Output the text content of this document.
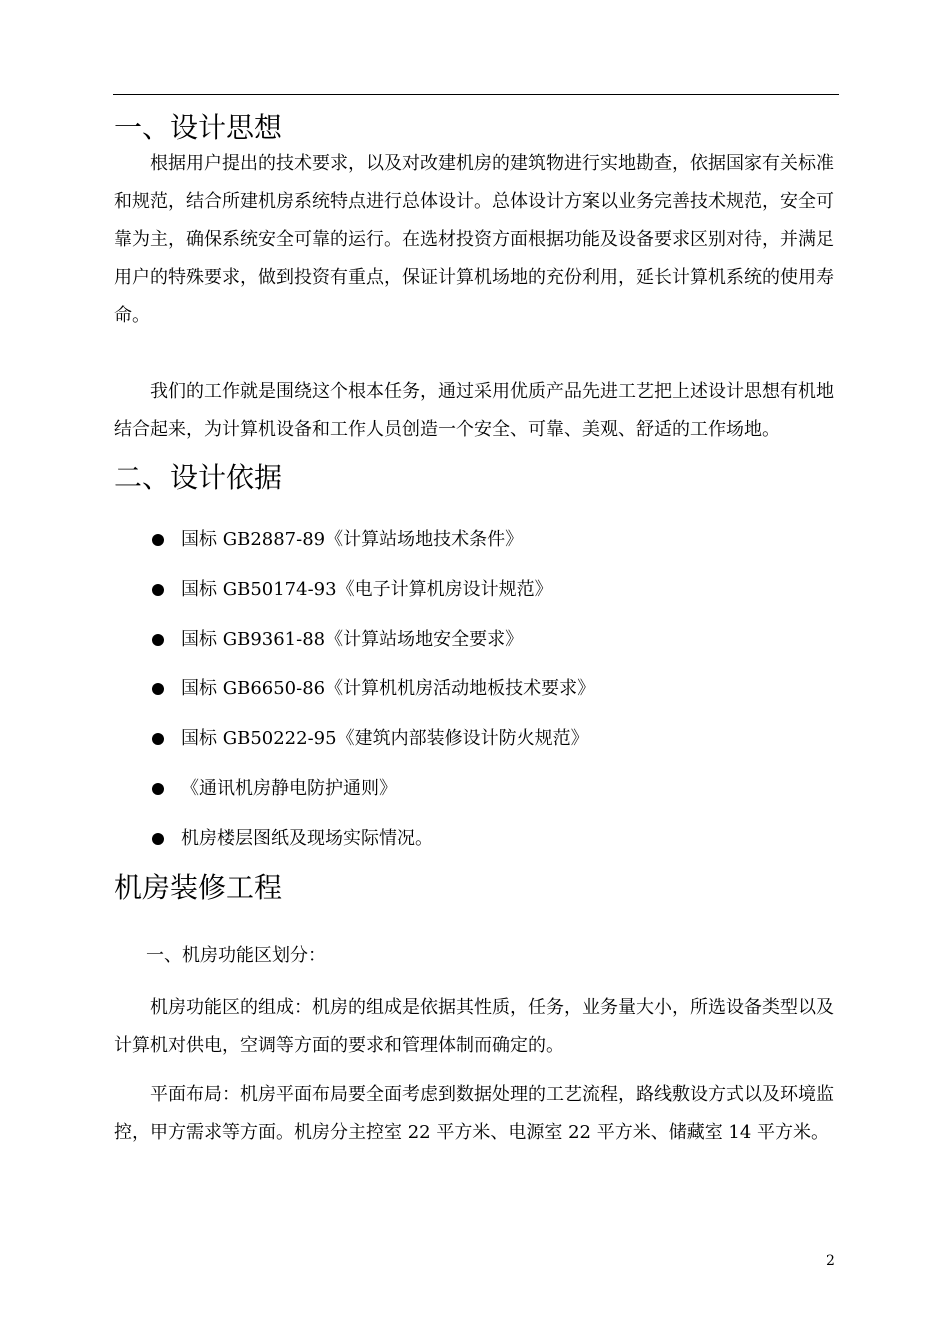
一、设计思想

根据用户提出的技术要求，以及对改建机房的建筑物进行实地勘查，依据国家有关标准和规范，结合所建机房系统特点进行总体设计。总体设计方案以业务完善技术规范，安全可靠为主，确保系统安全可靠的运行。在选材投资方面根据功能及设备要求区别对待，并满足用户的特殊要求，做到投资有重点，保证计算机场地的充份利用，延长计算机系统的使用寿命。

我们的工作就是围绕这个根本任务，通过采用优质产品先进工艺把上述设计思想有机地结合起来，为计算机设备和工作人员创造一个安全、可靠、美观、舒适的工作场地。

二、设计依据
国标 GB2887-89《计算站场地技术条件》
国标 GB50174-93《电子计算机房设计规范》
国标 GB9361-88《计算站场地安全要求》
国标 GB6650-86《计算机机房活动地板技术要求》
国标 GB50222-95《建筑内部装修设计防火规范》
《通讯机房静电防护通则》
机房楼层图纸及现场实际情况。
机房装修工程

一、机房功能区划分：

机房功能区的组成：机房的组成是依据其性质，任务，业务量大小，所选设备类型以及计算机对供电，空调等方面的要求和管理体制而确定的。

平面布局：机房平面布局要全面考虑到数据处理的工艺流程，路线敷设方式以及环境监控，甲方需求等方面。机房分主控室 22 平方米、电源室 22 平方米、储藏室 14 平方米。

2
